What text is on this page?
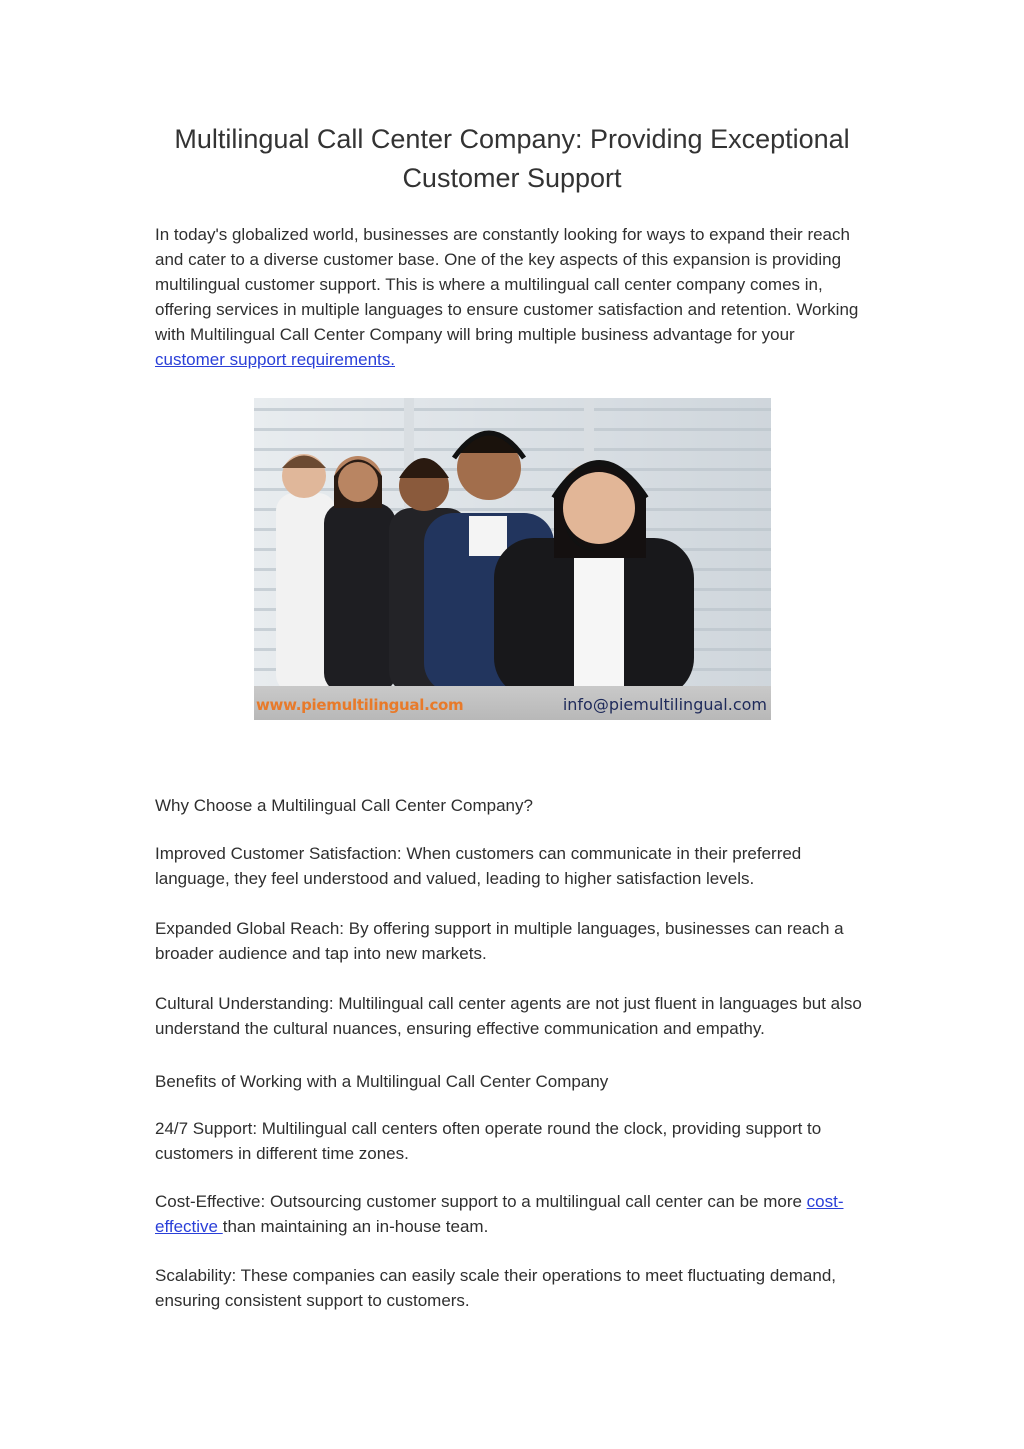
Multilingual Call Center Company: Providing Exceptional Customer Support

In today's globalized world, businesses are constantly looking for ways to expand their reach and cater to a diverse customer base. One of the key aspects of this expansion is providing multilingual customer support. This is where a multilingual call center company comes in, offering services in multiple languages to ensure customer satisfaction and retention. Working with Multilingual Call Center Company will bring multiple business advantage for your customer support requirements.

www.piemultilingual.com	info@piemultilingual.com

Why Choose a Multilingual Call Center Company?

Improved Customer Satisfaction: When customers can communicate in their preferred language, they feel understood and valued, leading to higher satisfaction levels.

Expanded Global Reach: By offering support in multiple languages, businesses can reach a broader audience and tap into new markets.

Cultural Understanding: Multilingual call center agents are not just fluent in languages but also understand the cultural nuances, ensuring effective communication and empathy.

Benefits of Working with a Multilingual Call Center Company

24/7 Support: Multilingual call centers often operate round the clock, providing support to customers in different time zones.

Cost-Effective: Outsourcing customer support to a multilingual call center can be more cost-effective than maintaining an in-house team.

Scalability: These companies can easily scale their operations to meet fluctuating demand, ensuring consistent support to customers.
